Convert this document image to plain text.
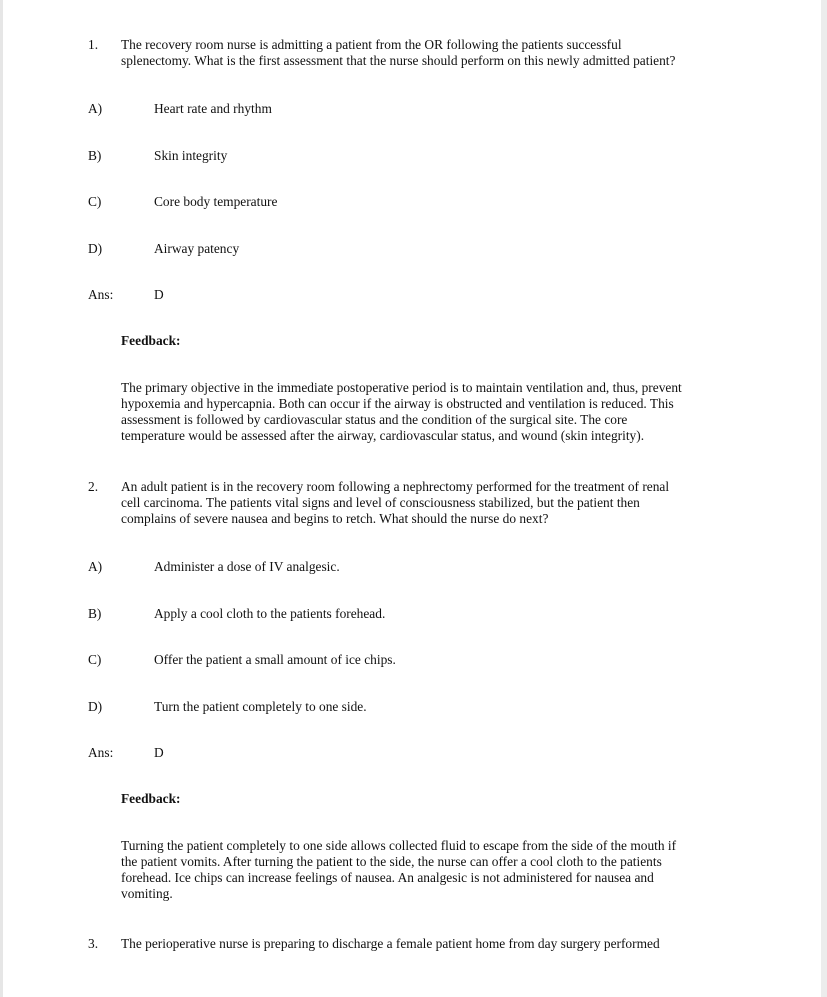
1. The recovery room nurse is admitting a patient from the OR following the patients successful
splenectomy. What is the first assessment that the nurse should perform on this newly admitted patient?
A)	Heart rate and rhythm
B)	Skin integrity
C)	Core body temperature
D)	Airway patency
Ans:	D
Feedback:
The primary objective in the immediate postoperative period is to maintain ventilation and, thus, prevent
hypoxemia and hypercapnia. Both can occur if the airway is obstructed and ventilation is reduced. This
assessment is followed by cardiovascular status and the condition of the surgical site. The core
temperature would be assessed after the airway, cardiovascular status, and wound (skin integrity).
2. An adult patient is in the recovery room following a nephrectomy performed for the treatment of renal
cell carcinoma. The patients vital signs and level of consciousness stabilized, but the patient then
complains of severe nausea and begins to retch. What should the nurse do next?
A)	Administer a dose of IV analgesic.
B)	Apply a cool cloth to the patients forehead.
C)	Offer the patient a small amount of ice chips.
D)	Turn the patient completely to one side.
Ans:	D
Feedback:
Turning the patient completely to one side allows collected fluid to escape from the side of the mouth if
the patient vomits. After turning the patient to the side, the nurse can offer a cool cloth to the patients
forehead. Ice chips can increase feelings of nausea. An analgesic is not administered for nausea and
vomiting.
3. The perioperative nurse is preparing to discharge a female patient home from day surgery performed
